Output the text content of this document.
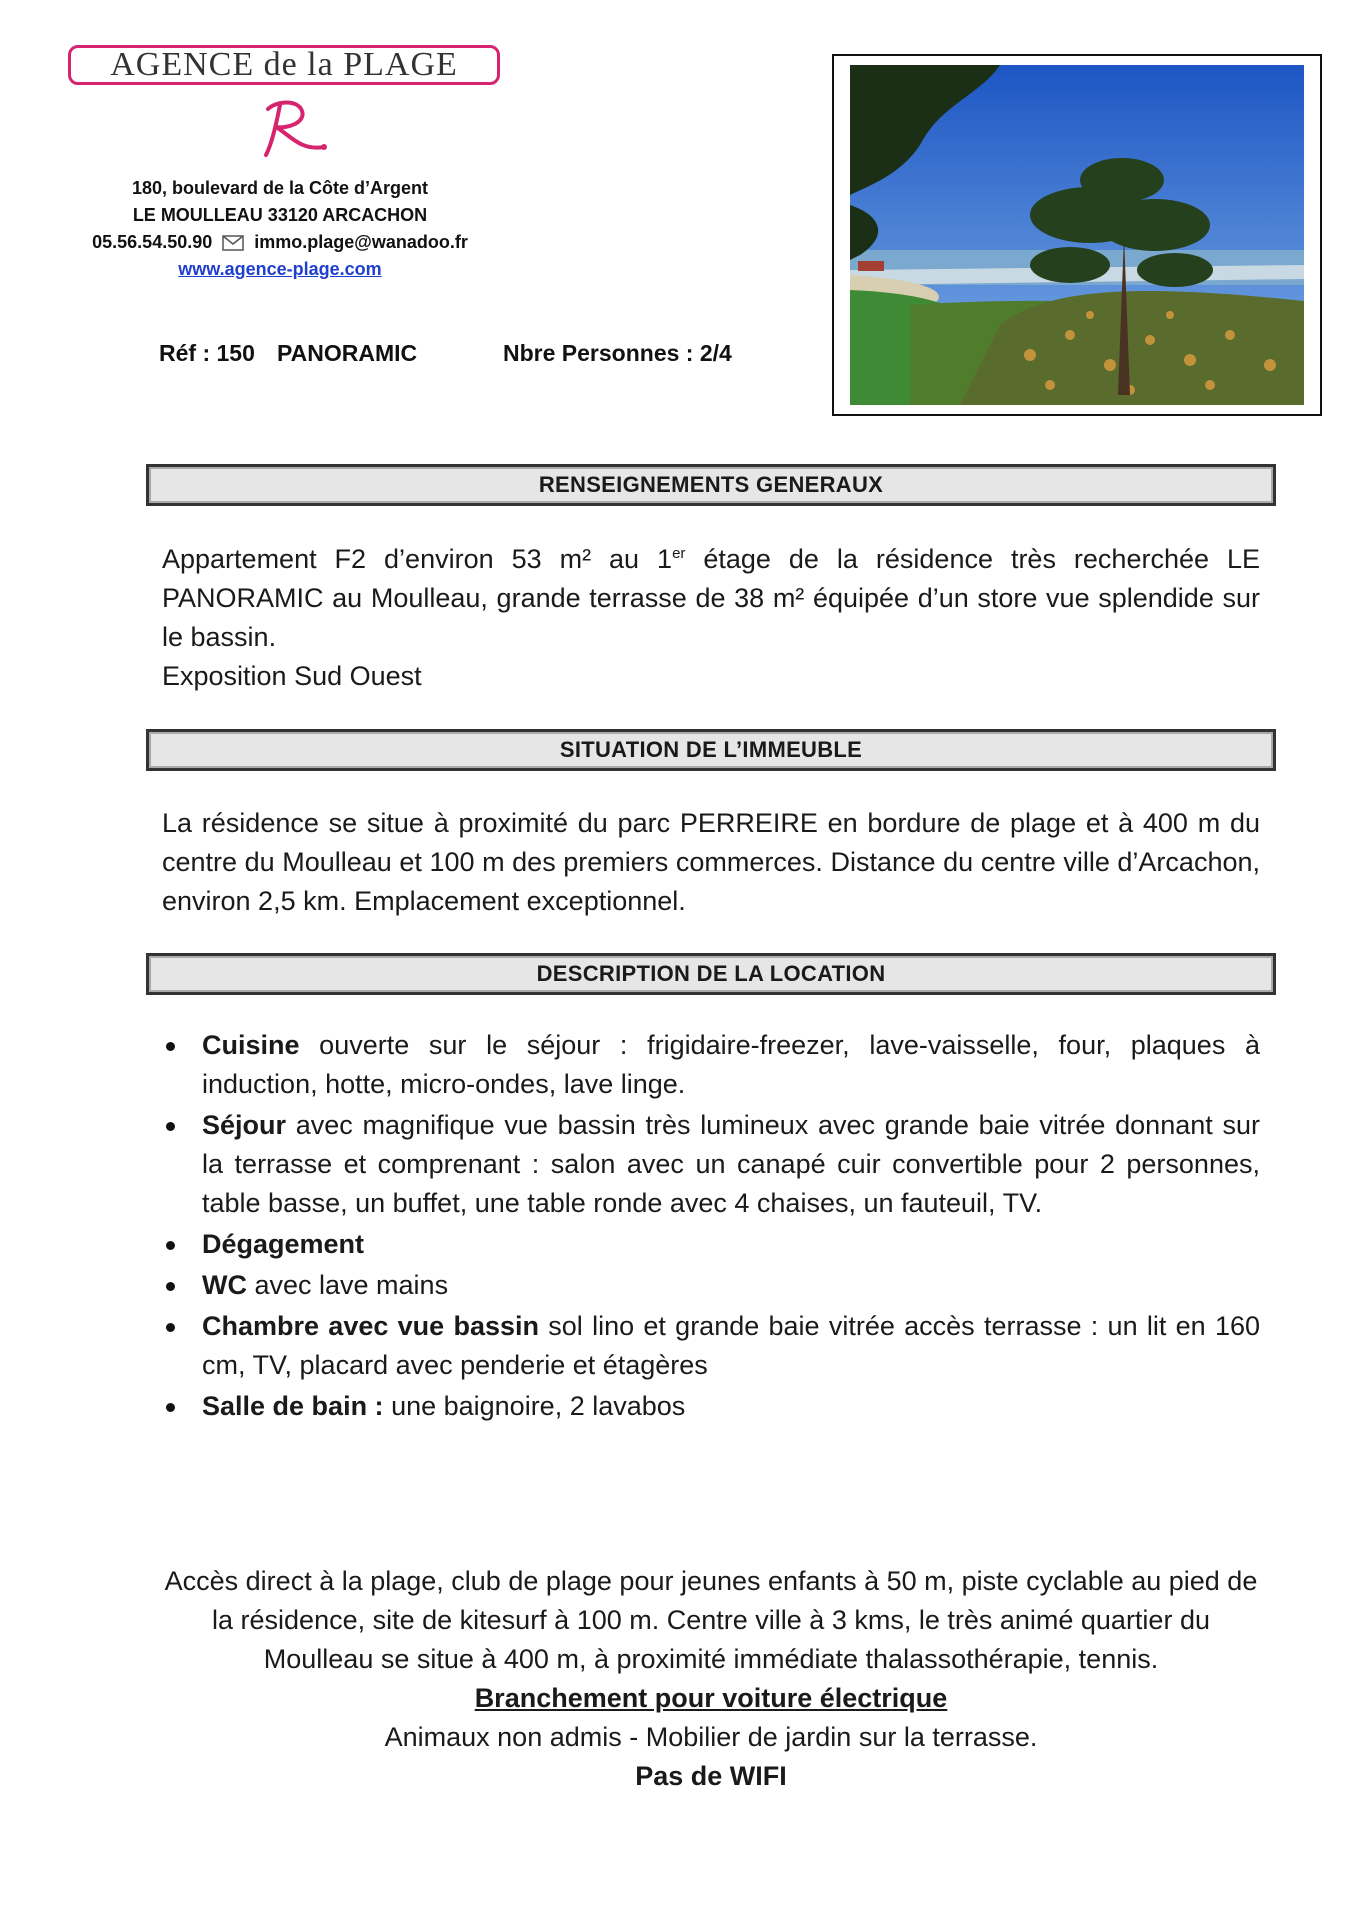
AGENCE de la PLAGE
180, boulevard de la Côte d’Argent
LE MOULLEAU 33120 ARCACHON
05.56.54.50.90 immo.plage@wanadoo.fr
www.agence-plage.com
Réf : 150 PANORAMIC	Nbre Personnes : 2/4
RENSEIGNEMENTS GENERAUX

Appartement F2 d’environ 53 m² au 1er étage de la résidence très recherchée LE PANORAMIC au Moulleau, grande terrasse de 38 m² équipée d’un store vue splendide sur le bassin.

Exposition Sud Ouest

SITUATION DE L’IMMEUBLE

La résidence se situe à proximité du parc PERREIRE en bordure de plage et à 400 m du centre du Moulleau et 100 m des premiers commerces. Distance du centre ville d’Arcachon, environ 2,5 km. Emplacement exceptionnel.

DESCRIPTION DE LA LOCATION
Cuisine ouverte sur le séjour : frigidaire-freezer, lave-vaisselle, four, plaques à induction, hotte, micro-ondes, lave linge.
Séjour avec magnifique vue bassin très lumineux avec grande baie vitrée donnant sur la terrasse et comprenant : salon avec un canapé cuir convertible pour 2 personnes, table basse, un buffet, une table ronde avec 4 chaises, un fauteuil, TV.
Dégagement
WC avec lave mains
Chambre avec vue bassin sol lino et grande baie vitrée accès terrasse : un lit en 160 cm, TV, placard avec penderie et étagères
Salle de bain : une baignoire, 2 lavabos

Accès direct à la plage, club de plage pour jeunes enfants à 50 m, piste cyclable au pied de la résidence, site de kitesurf à 100 m. Centre ville à 3 kms, le très animé quartier du Moulleau se situe à 400 m, à proximité immédiate thalassothérapie, tennis.

Branchement pour voiture électrique

Animaux non admis - Mobilier de jardin sur la terrasse.

Pas de WIFI
